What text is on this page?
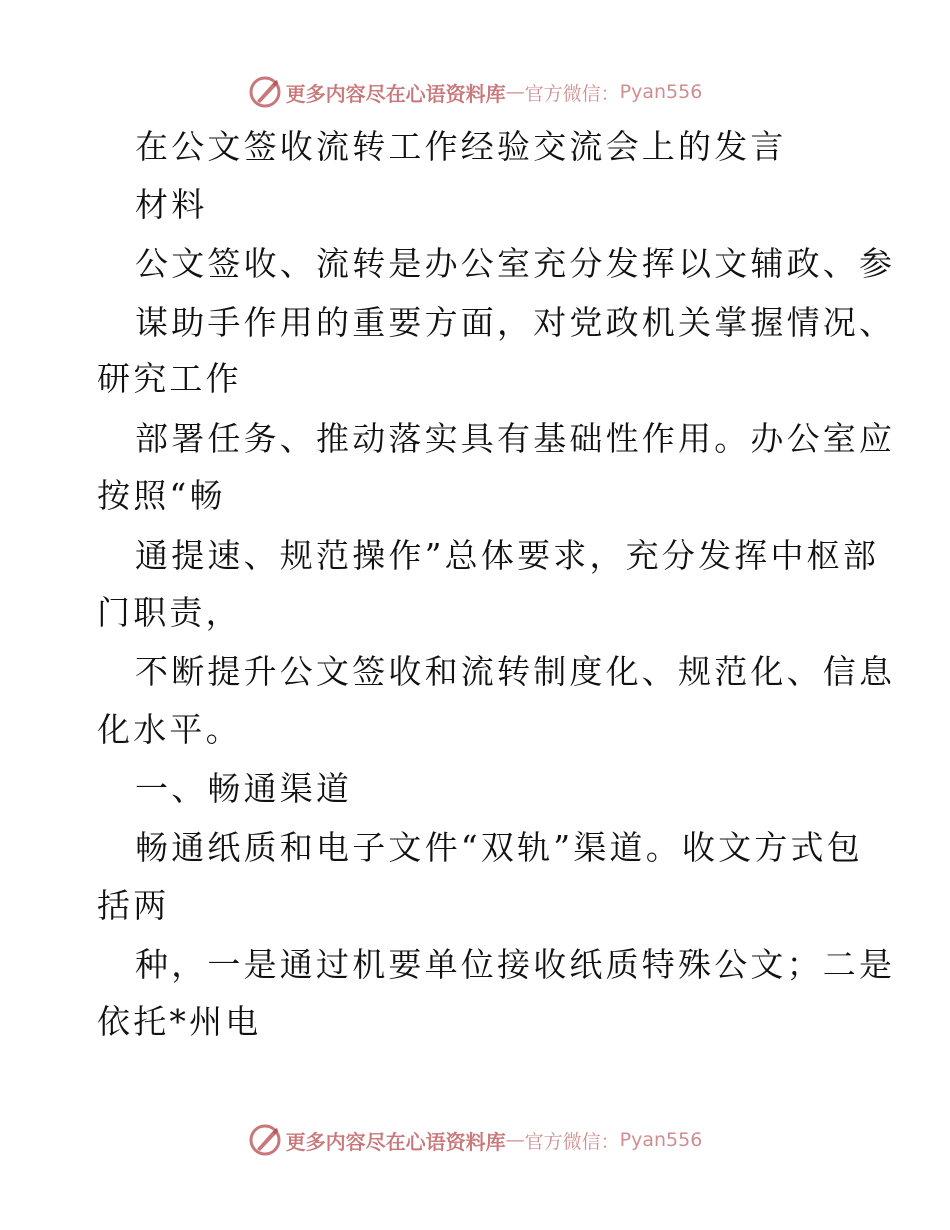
更多内容尽在心语资料库 — 官方微信： Pyan556
在公文签收流转工作经验交流会上的发言
材料
公文签收、流转是办公室充分发挥以文辅政、参
谋助手作用的重要方面，对党政机关掌握情况、
研究工作
部署任务、推动落实具有基础性作用。办公室应
按照“畅
通提速、规范操作”总体要求，充分发挥中枢部
门职责，
不断提升公文签收和流转制度化、规范化、信息
化水平。
一、畅通渠道
畅通纸质和电子文件“双轨”渠道。收文方式包
括两
种，一是通过机要单位接收纸质特殊公文；二是
依托*州电
更多内容尽在心语资料库 — 官方微信： Pyan556
